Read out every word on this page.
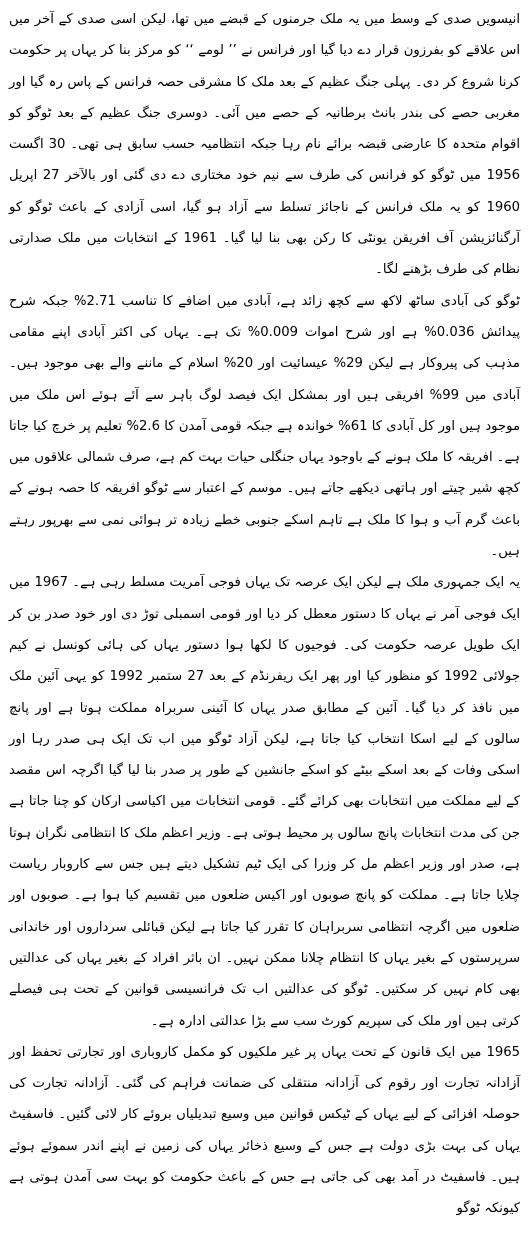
انیسویں صدی کے وسط میں یہ ملک جرمنوں کے قبضے میں تھا، لیکن اسی صدی کے آخر میں اس علاقے کو بفرزون قرار دے دیا گیا اور فرانس نے ’’ لومے ‘‘ کو مرکز بنا کر یہاں پر حکومت کرنا شروع کر دی۔ پہلی جنگ عظیم کے بعد ملک کا مشرقی حصہ فرانس کے پاس رہ گیا اور مغربی حصے کی بندر بانٹ برطانیہ کے حصے میں آئی۔ دوسری جنگ عظیم کے بعد ٹوگو کو اقوام متحدہ کا عارضی قبضہ برائے نام رہا جبکہ انتظامیہ حسب سابق ہی تھی۔ 30 اگست 1956 میں ٹوگو کو فرانس کی طرف سے نیم خود مختاری دے دی گئی اور بالآخر 27 اپریل 1960 کو یہ ملک فرانس کے ناجائز تسلط سے آزاد ہو گیا، اسی آزادی کے باعث ٹوگو کو آرگنائزیشن آف افریقن یونٹی کا رکن بھی بنا لیا گیا۔ 1961 کے انتخابات میں ملک صدارتی نظام کی طرف بڑھنے لگا۔

ٹوگو کی آبادی ساٹھ لاکھ سے کچھ زائد ہے، آبادی میں اضافے کا تناسب 2.71% جبکہ شرح پیدائش 0.036% ہے اور شرح اموات 0.009% تک ہے۔ یہاں کی اکثر آبادی اپنے مقامی مذہب کی پیروکار ہے لیکن 29% عیسائیت اور 20% اسلام کے ماننے والے بھی موجود ہیں۔ آبادی میں 99% افریقی ہیں اور بمشکل ایک فیصد لوگ باہر سے آئے ہوئے اس ملک میں موجود ہیں اور کل آبادی کا 61% خواندہ ہے جبکہ قومی آمدن کا 2.6% تعلیم پر خرچ کیا جاتا ہے۔ افریقہ کا ملک ہونے کے باوجود یہاں جنگلی حیات بہت کم ہے، صرف شمالی علاقوں میں کچھ شیر چیتے اور ہاتھی دیکھے جاتے ہیں۔ موسم کے اعتبار سے ٹوگو افریقہ کا حصہ ہونے کے باعث گرم آب و ہوا کا ملک ہے تاہم اسکے جنوبی خطے زیادہ تر ہوائی نمی سے بھرپور رہتے ہیں۔

یہ ایک جمہوری ملک ہے لیکن ایک عرصہ تک یہاں فوجی آمریت مسلط رہی ہے۔ 1967 میں ایک فوجی آمر نے یہاں کا دستور معطل کر دیا اور قومی اسمبلی توڑ دی اور خود صدر بن کر ایک طویل عرصہ حکومت کی۔ فوجیوں کا لکھا ہوا دستور یہاں کی ہائی کونسل نے کیم جولائی 1992 کو منظور کیا اور پھر ایک ریفرنڈم کے بعد 27 ستمبر 1992 کو یہی آئین ملک میں نافذ کر دیا گیا۔ آئین کے مطابق صدر یہاں کا آئینی سربراہ مملکت ہوتا ہے اور پانچ سالوں کے لیے اسکا انتخاب کیا جاتا ہے، لیکن آزاد ٹوگو میں اب تک ایک ہی صدر رہا اور اسکی وفات کے بعد اسکے بیٹے کو اسکے جانشین کے طور پر صدر بنا لیا گیا اگرچہ اس مقصد کے لیے مملکت میں انتخابات بھی کرائے گئے۔ قومی انتخابات میں اکیاسی ارکان کو چنا جاتا ہے جن کی مدت انتخابات پانچ سالوں پر محیط ہوتی ہے۔ وزیر اعظم ملک کا انتظامی نگران ہوتا ہے، صدر اور وزیر اعظم مل کر وزرا کی ایک ٹیم تشکیل دیتے ہیں جس سے کاروبار ریاست چلایا جاتا ہے۔ مملکت کو پانچ صوبوں اور اکیس ضلعوں میں تقسیم کیا ہوا ہے۔ صوبوں اور ضلعوں میں اگرچہ انتظامی سربراہان کا تقرر کیا جاتا ہے لیکن قبائلی سرداروں اور خاندانی سرپرستوں کے بغیر یہاں کا انتظام چلانا ممکن نہیں۔ ان باثر افراد کے بغیر یہاں کی عدالتیں بھی کام نہیں کر سکتیں۔ ٹوگو کی عدالتیں اب تک فرانسیسی قوانین کے تحت ہی فیصلے کرتی ہیں اور ملک کی سپریم کورٹ سب سے بڑا عدالتی ادارہ ہے۔

1965 میں ایک قانون کے تحت یہاں پر غیر ملکیوں کو مکمل کاروباری اور تجارتی تحفظ اور آزادانہ تجارت اور رقوم کی آزادانہ منتقلی کی ضمانت فراہم کی گئی۔ آزادانہ تجارت کی حوصلہ افزائی کے لیے یہاں کے ٹیکس قوانین میں وسیع تبدیلیاں بروئے کار لائی گئیں۔ فاسفیٹ یہاں کی بہت بڑی دولت ہے جس کے وسیع ذخائر یہاں کی زمین نے اپنے اندر سموئے ہوئے ہیں۔ فاسفیٹ در آمد بھی کی جاتی ہے جس کے باعث حکومت کو بہت سی آمدن ہوتی ہے کیونکہ ٹوگو
